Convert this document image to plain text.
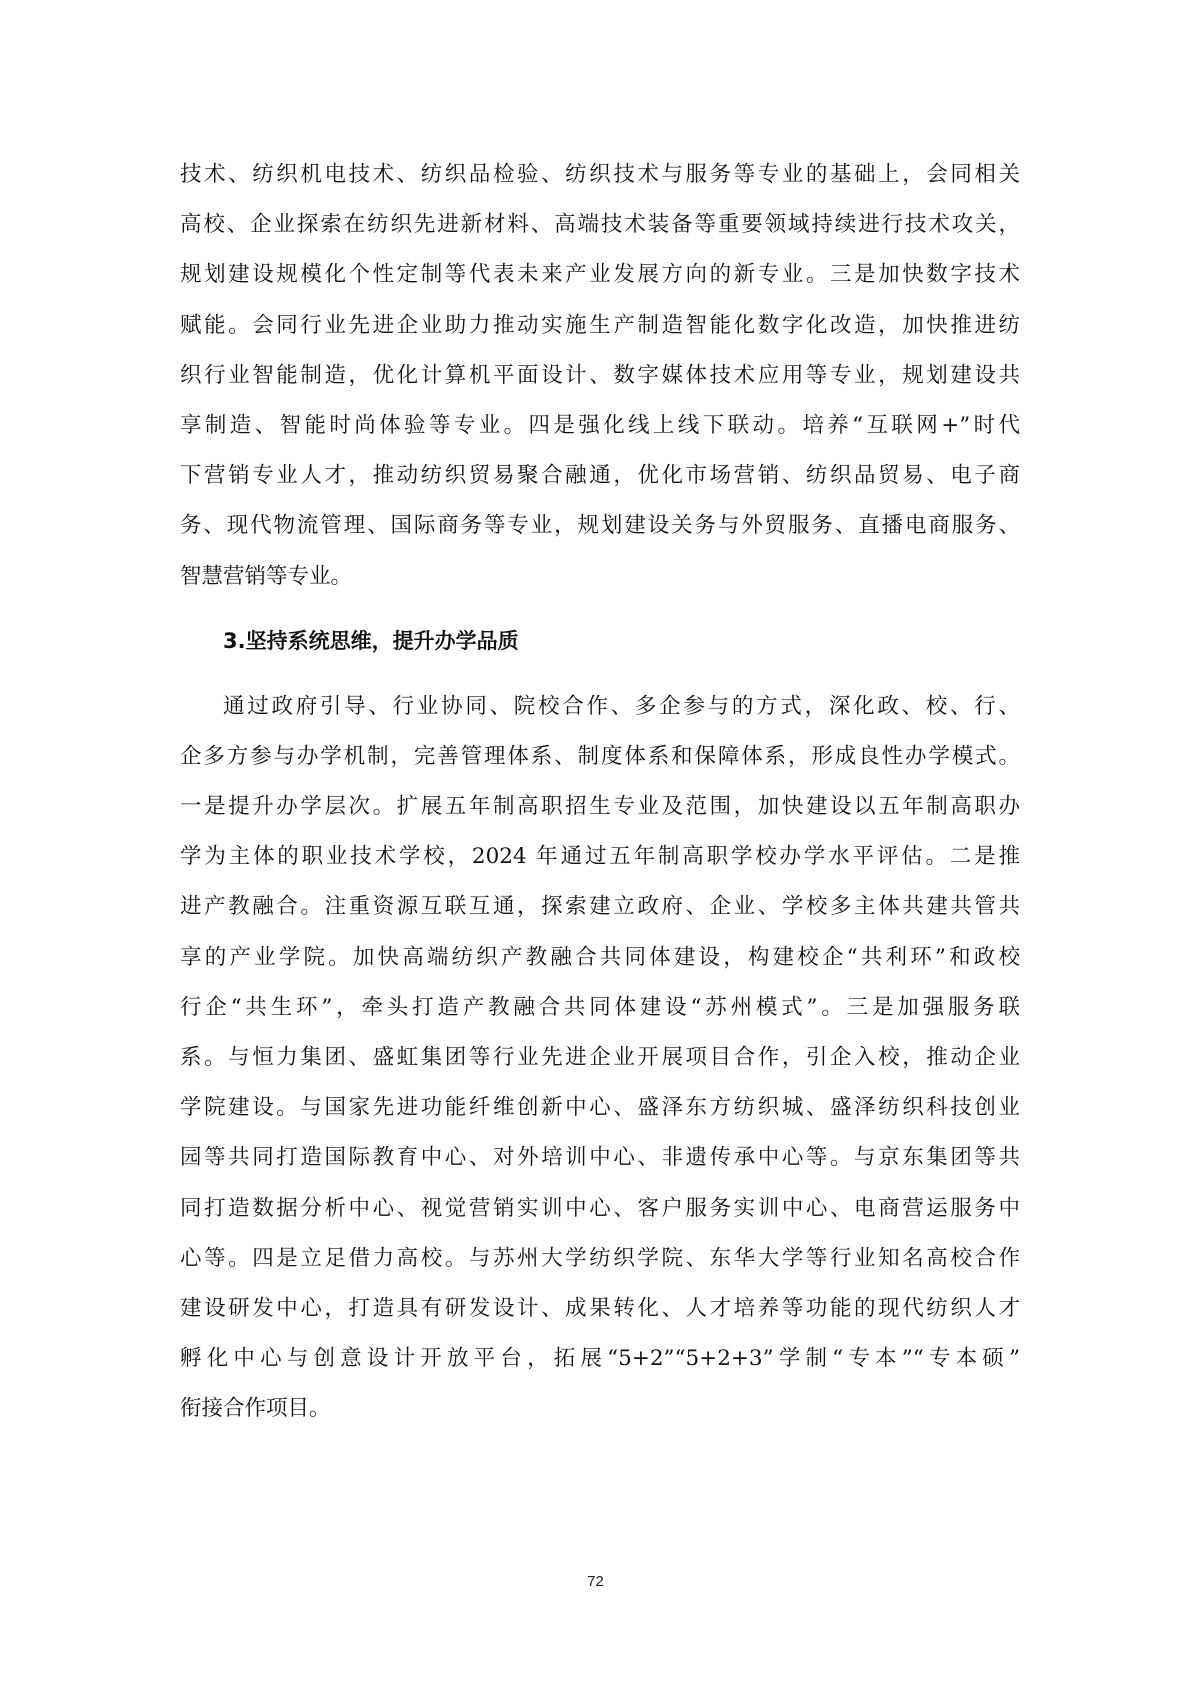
技术、纺织机电技术、纺织品检验、纺织技术与服务等专业的基础上，会同相关
高校、企业探索在纺织先进新材料、高端技术装备等重要领域持续进行技术攻关，
规划建设规模化个性定制等代表未来产业发展方向的新专业。三是加快数字技术
赋能。会同行业先进企业助力推动实施生产制造智能化数字化改造，加快推进纺
织行业智能制造，优化计算机平面设计、数字媒体技术应用等专业，规划建设共
享制造、智能时尚体验等专业。四是强化线上线下联动。培养“互联网+”时代
下营销专业人才，推动纺织贸易聚合融通，优化市场营销、纺织品贸易、电子商
务、现代物流管理、国际商务等专业，规划建设关务与外贸服务、直播电商服务、
智慧营销等专业。
3.坚持系统思维，提升办学品质
通过政府引导、行业协同、院校合作、多企参与的方式，深化政、校、行、
企多方参与办学机制，完善管理体系、制度体系和保障体系，形成良性办学模式。
一是提升办学层次。扩展五年制高职招生专业及范围，加快建设以五年制高职办
学为主体的职业技术学校，2024 年通过五年制高职学校办学水平评估。二是推
进产教融合。注重资源互联互通，探索建立政府、企业、学校多主体共建共管共
享的产业学院。加快高端纺织产教融合共同体建设，构建校企“共利环”和政校
行企“共生环”，牵头打造产教融合共同体建设“苏州模式”。三是加强服务联
系。与恒力集团、盛虹集团等行业先进企业开展项目合作，引企入校，推动企业
学院建设。与国家先进功能纤维创新中心、盛泽东方纺织城、盛泽纺织科技创业
园等共同打造国际教育中心、对外培训中心、非遗传承中心等。与京东集团等共
同打造数据分析中心、视觉营销实训中心、客户服务实训中心、电商营运服务中
心等。四是立足借力高校。与苏州大学纺织学院、东华大学等行业知名高校合作
建设研发中心，打造具有研发设计、成果转化、人才培养等功能的现代纺织人才
孵化中心与创意设计开放平台，拓展“5+2”“5+2+3”学制“专本”“专本硕”
衔接合作项目。
72
